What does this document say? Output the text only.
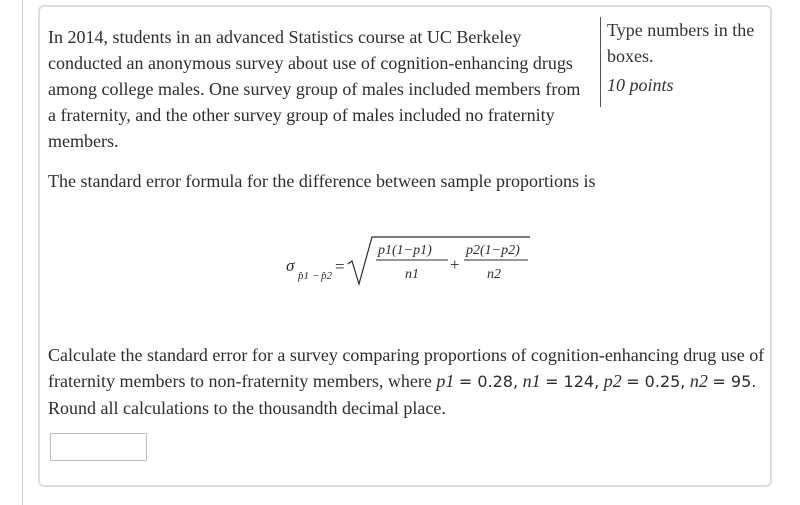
In 2014, students in an advanced Statistics course at UC Berkeley conducted an anonymous survey about use of cognition-enhancing drugs among college males. One survey group of males included members from a fraternity, and the other survey group of males included no fraternity members.

Type numbers in the boxes.

10 points

The standard error formula for the difference between sample proportions is

σ
p̂1 − p̂2 =
p1(1−p1)
n1
+
p2(1−p2)
n2

Calculate the standard error for a survey comparing proportions of cognition-enhancing drug use of fraternity members to non-fraternity members, where p1 = 0.28, n1 = 124, p2 = 0.25, n2 = 95. Round all calculations to the thousandth decimal place.
